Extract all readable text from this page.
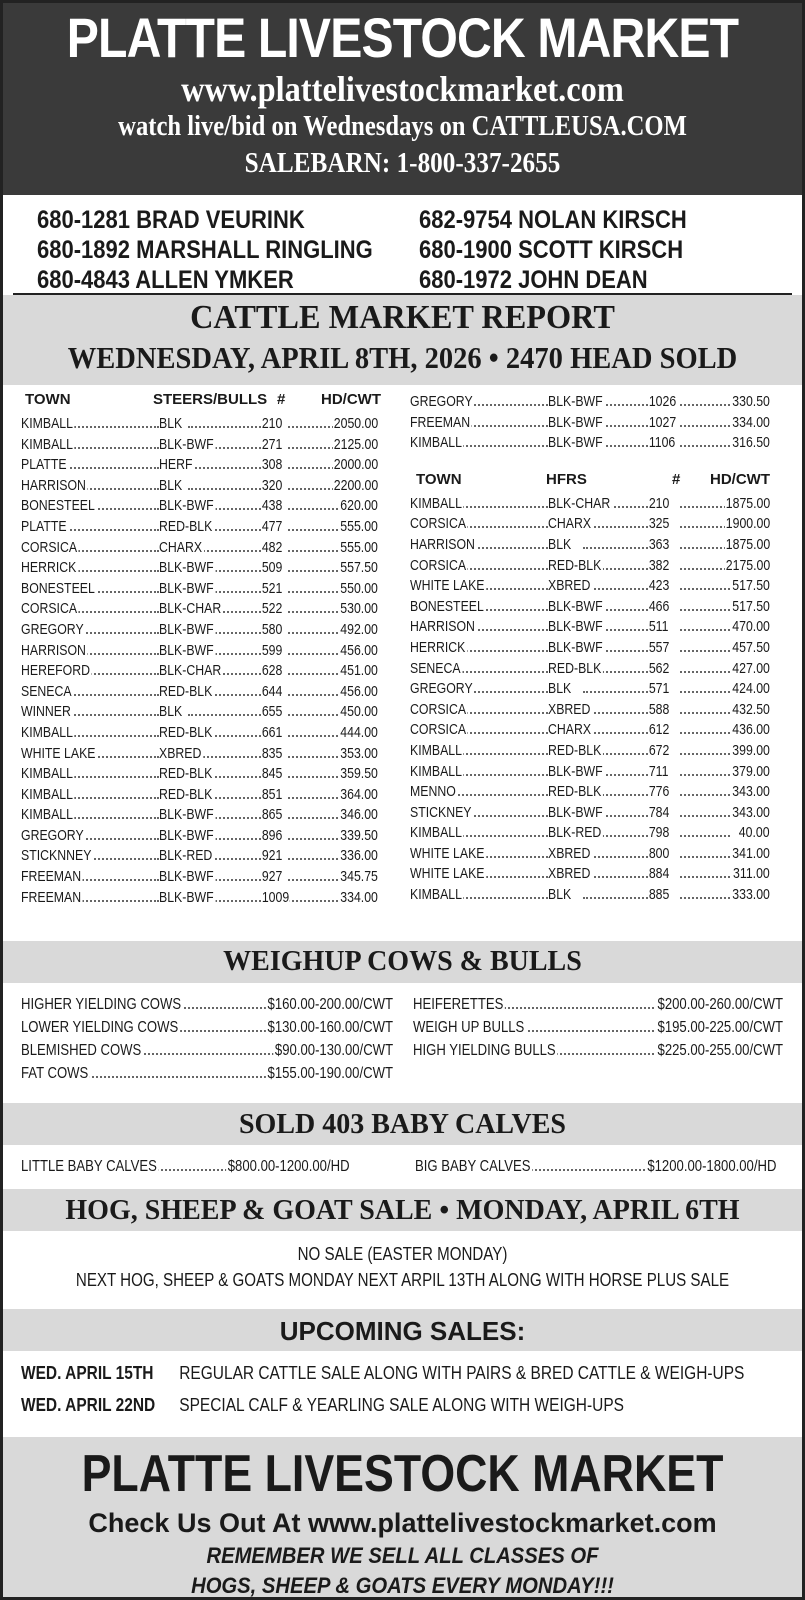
PLATTE LIVESTOCK MARKET
www.plattelivestockmarket.com
watch live/bid on Wednesdays on CATTLEUSA.COM
SALEBARN: 1-800-337-2655
680-1281 BRAD VEURINK
680-1892 MARSHALL RINGLING
680-4843 ALLEN YMKER
682-9754 NOLAN KIRSCH
680-1900 SCOTT KIRSCH
680-1972 JOHN DEAN
CATTLE MARKET REPORT
WEDNESDAY, APRIL 8TH, 2026 • 2470 HEAD SOLD
TOWN	STEERS/BULLS # HD/CWT
KIMBALL	BLK	210	2050.00
KIMBALL	BLK-BWF	271	2125.00
PLATTE	HERF	308	2000.00
HARRISON	BLK	320	2200.00
BONESTEEL	BLK-BWF	438	620.00
PLATTE	RED-BLK	477	555.00
CORSICA	CHARX	482	555.00
HERRICK	BLK-BWF	509	557.50
BONESTEEL	BLK-BWF	521	550.00
CORSICA	BLK-CHAR	522	530.00
GREGORY	BLK-BWF	580	492.00
HARRISON	BLK-BWF	599	456.00
HEREFORD	BLK-CHAR	628	451.00
SENECA	RED-BLK	644	456.00
WINNER	BLK	655	450.00
KIMBALL	RED-BLK	661	444.00
WHITE LAKE	XBRED	835	353.00
KIMBALL	RED-BLK	845	359.50
KIMBALL	RED-BLK	851	364.00
KIMBALL	BLK-BWF	865	346.00
GREGORY	BLK-BWF	896	339.50
STICKNNEY	BLK-RED	921	336.00
FREEMAN	BLK-BWF	927	345.75
FREEMAN	BLK-BWF	1009	334.00
GREGORY	BLK-BWF	1026	330.50
FREEMAN	BLK-BWF	1027	334.00
KIMBALL	BLK-BWF	1106	316.50
TOWN	HFRS	# HD/CWT
KIMBALL	BLK-CHAR	210	1875.00
CORSICA	CHARX	325	1900.00
HARRISON	BLK	363	1875.00
CORSICA	RED-BLK	382	2175.00
WHITE LAKE	XBRED	423	517.50
BONESTEEL	BLK-BWF	466	517.50
HARRISON	BLK-BWF	511	470.00
HERRICK	BLK-BWF	557	457.50
SENECA	RED-BLK	562	427.00
GREGORY	BLK	571	424.00
CORSICA	XBRED	588	432.50
CORSICA	CHARX	612	436.00
KIMBALL	RED-BLK	672	399.00
KIMBALL	BLK-BWF	711	379.00
MENNO	RED-BLK	776	343.00
STICKNEY	BLK-BWF	784	343.00
KIMBALL	BLK-RED	798	40.00
WHITE LAKE	XBRED	800	341.00
WHITE LAKE	XBRED	884	311.00
KIMBALL	BLK	885	333.00
WEIGHUP COWS & BULLS
HIGHER YIELDING COWS	$160.00-200.00/CWT
LOWER YIELDING COWS	$130.00-160.00/CWT
BLEMISHED COWS	$90.00-130.00/CWT
FAT COWS	$155.00-190.00/CWT
HEIFERETTES	$200.00-260.00/CWT
WEIGH UP BULLS	$195.00-225.00/CWT
HIGH YIELDING BULLS	$225.00-255.00/CWT
SOLD 403 BABY CALVES
LITTLE BABY CALVES	$800.00-1200.00/HD	BIG BABY CALVES	$1200.00-1800.00/HD
HOG, SHEEP & GOAT SALE • MONDAY, APRIL 6TH
NO SALE (EASTER MONDAY)
NEXT HOG, SHEEP & GOATS MONDAY NEXT ARPIL 13TH ALONG WITH HORSE PLUS SALE
UPCOMING SALES:
WED. APRIL 15TH REGULAR CATTLE SALE ALONG WITH PAIRS & BRED CATTLE & WEIGH-UPS
WED. APRIL 22ND SPECIAL CALF & YEARLING SALE ALONG WITH WEIGH-UPS
PLATTE LIVESTOCK MARKET
Check Us Out At www.plattelivestockmarket.com
REMEMBER WE SELL ALL CLASSES OF
HOGS, SHEEP & GOATS EVERY MONDAY!!!
